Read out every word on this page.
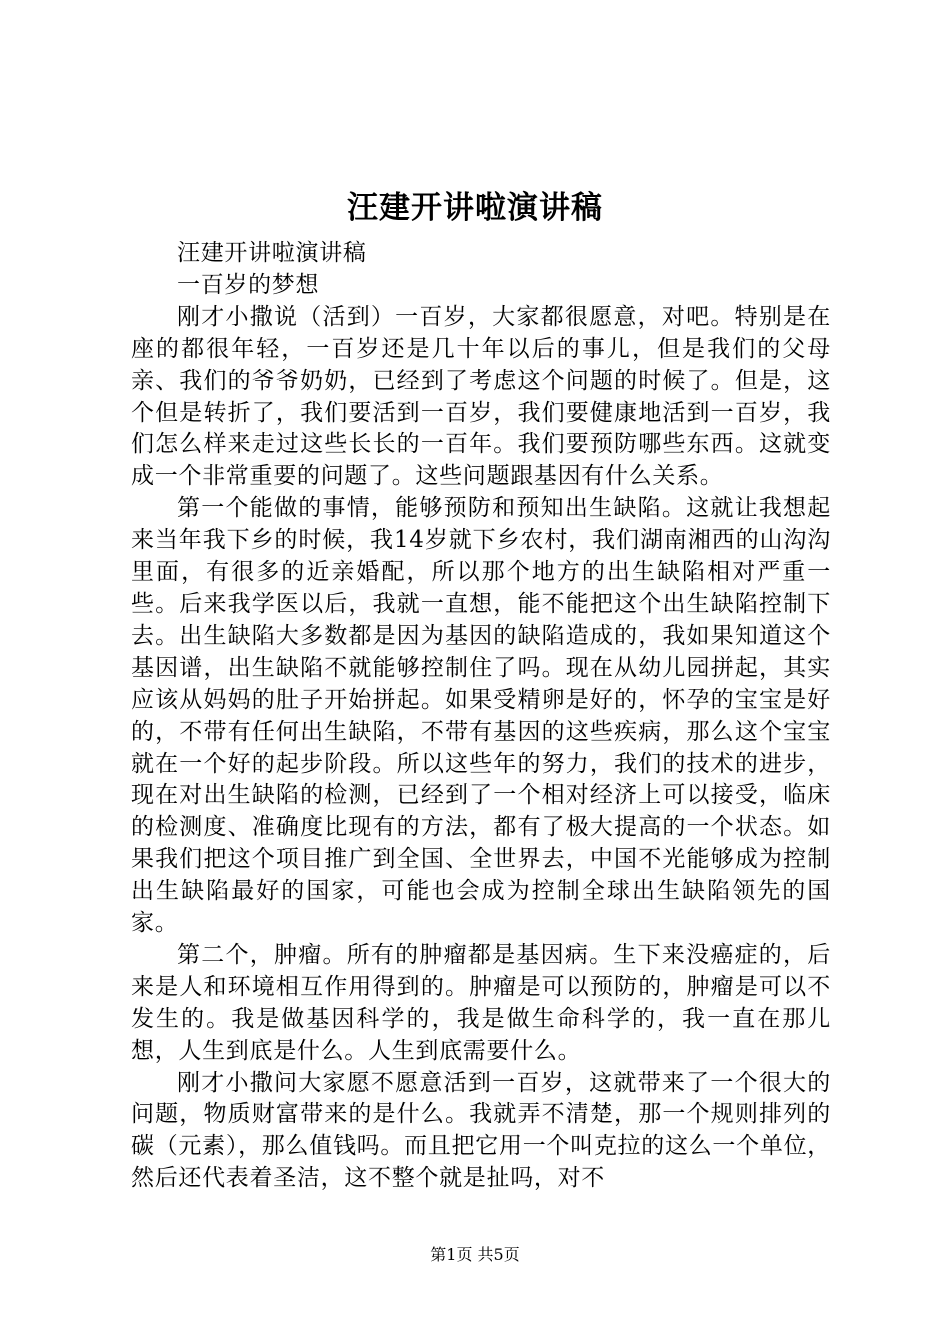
汪建开讲啦演讲稿

汪建开讲啦演讲稿

一百岁的梦想

刚才小撒说（活到）一百岁，大家都很愿意，对吧。特别是在座的都很年轻，一百岁还是几十年以后的事儿，但是我们的父母亲、我们的爷爷奶奶，已经到了考虑这个问题的时候了。但是，这个但是转折了，我们要活到一百岁，我们要健康地活到一百岁，我们怎么样来走过这些长长的一百年。我们要预防哪些东西。这就变成一个非常重要的问题了。这些问题跟基因有什么关系。

第一个能做的事情，能够预防和预知出生缺陷。这就让我想起来当年我下乡的时候，我14岁就下乡农村，我们湖南湘西的山沟沟里面，有很多的近亲婚配，所以那个地方的出生缺陷相对严重一些。后来我学医以后，我就一直想，能不能把这个出生缺陷控制下去。出生缺陷大多数都是因为基因的缺陷造成的，我如果知道这个基因谱，出生缺陷不就能够控制住了吗。现在从幼儿园拼起，其实应该从妈妈的肚子开始拼起。如果受精卵是好的，怀孕的宝宝是好的，不带有任何出生缺陷，不带有基因的这些疾病，那么这个宝宝就在一个好的起步阶段。所以这些年的努力，我们的技术的进步，现在对出生缺陷的检测，已经到了一个相对经济上可以接受，临床的检测度、准确度比现有的方法，都有了极大提高的一个状态。如果我们把这个项目推广到全国、全世界去，中国不光能够成为控制出生缺陷最好的国家，可能也会成为控制全球出生缺陷领先的国家。

第二个，肿瘤。所有的肿瘤都是基因病。生下来没癌症的，后来是人和环境相互作用得到的。肿瘤是可以预防的，肿瘤是可以不发生的。我是做基因科学的，我是做生命科学的，我一直在那儿想，人生到底是什么。人生到底需要什么。

刚才小撒问大家愿不愿意活到一百岁，这就带来了一个很大的问题，物质财富带来的是什么。我就弄不清楚，那一个规则排列的碳（元素），那么值钱吗。而且把它用一个叫克拉的这么一个单位，然后还代表着圣洁，这不整个就是扯吗，对不

第1页 共5页
